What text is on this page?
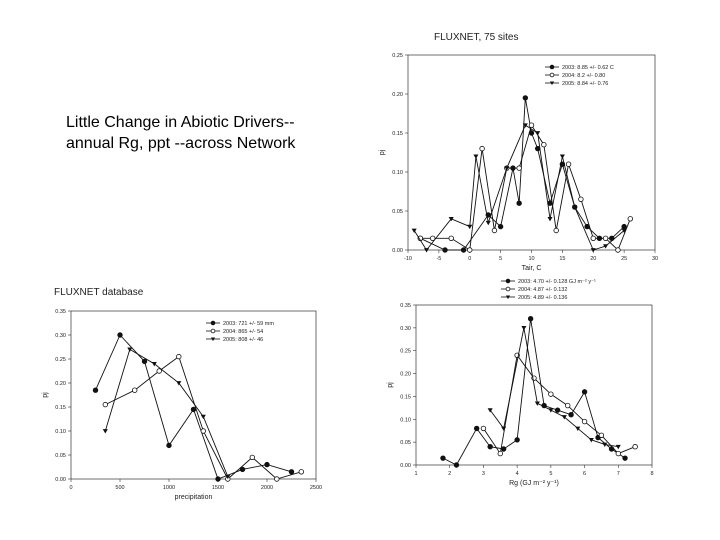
Little Change in Abiotic Drivers--
annual Rg, ppt --across Network
FLUXNET, 75 sites
0.00
0.05
0.10
0.15
0.20
0.25
-10	-5	0	5	10	15	20	25	30
Tair, C
pj
2003: 8.85 +/- 0.62 C
2004: 8.2 +/- 0.80
2005: 8.84 +/- 0.76
FLUXNET database
0.00
0.05
0.10
0.15
0.20
0.25
0.30
0.35
0	500	1000	1500	2000	2500
precipitation
pj
2003: 721 +/- 59 mm
2004: 865 +/- 54
2005: 808 +/- 46
0.00
0.05
0.10
0.15
0.20
0.25
0.30
0.35
1	2	3	4	5	6	7	8
Rg (GJ m⁻² y⁻¹)
pj
2003: 4.70 +/- 0.128 GJ m⁻² y⁻¹
2004: 4.87 +/- 0.132
2005: 4.89 +/- 0.136
